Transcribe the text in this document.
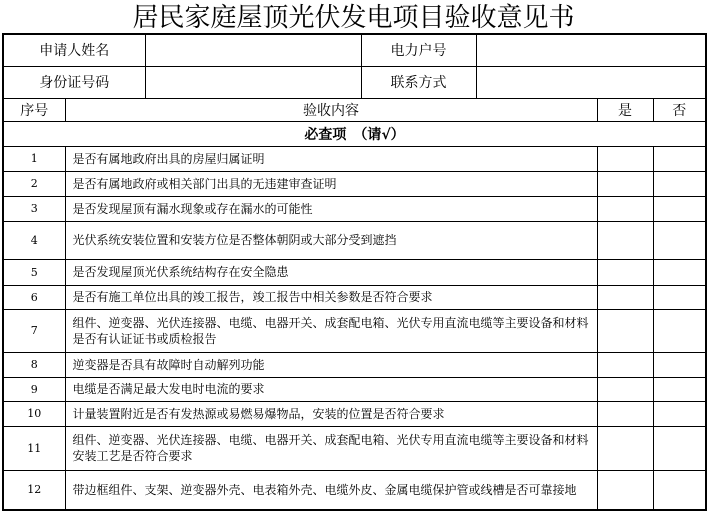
居民家庭屋顶光伏发电项目验收意见书
申请人姓名			电力户号			
身份证号码			联系方式			
序号	验收内容				是	否
必查项　（请√）						
1	是否有属地政府出具的房屋归属证明					
2	是否有属地政府或相关部门出具的无违建审查证明					
3	是否发现屋顶有漏水现象或存在漏水的可能性					
4	光伏系统安装位置和安装方位是否整体朝阴或大部分受到遮挡					
5	是否发现屋顶光伏系统结构存在安全隐患					
6	是否有施工单位出具的竣工报告，竣工报告中相关参数是否符合要求					
7	组件、逆变器、光伏连接器、电缆、电器开关、成套配电箱、光伏专用直流电缆等主要设备和材料是否有认证证书或质检报告					
8	逆变器是否具有故障时自动解列功能					
9	电缆是否满足最大发电时电流的要求					
10	计量装置附近是否有发热源或易燃易爆物品，安装的位置是否符合要求					
11	组件、逆变器、光伏连接器、电缆、电器开关、成套配电箱、光伏专用直流电缆等主要设备和材料安装工艺是否符合要求					
12	带边框组件、支架、逆变器外壳、电表箱外壳、电缆外皮、金属电缆保护管或线槽是否可靠接地					
